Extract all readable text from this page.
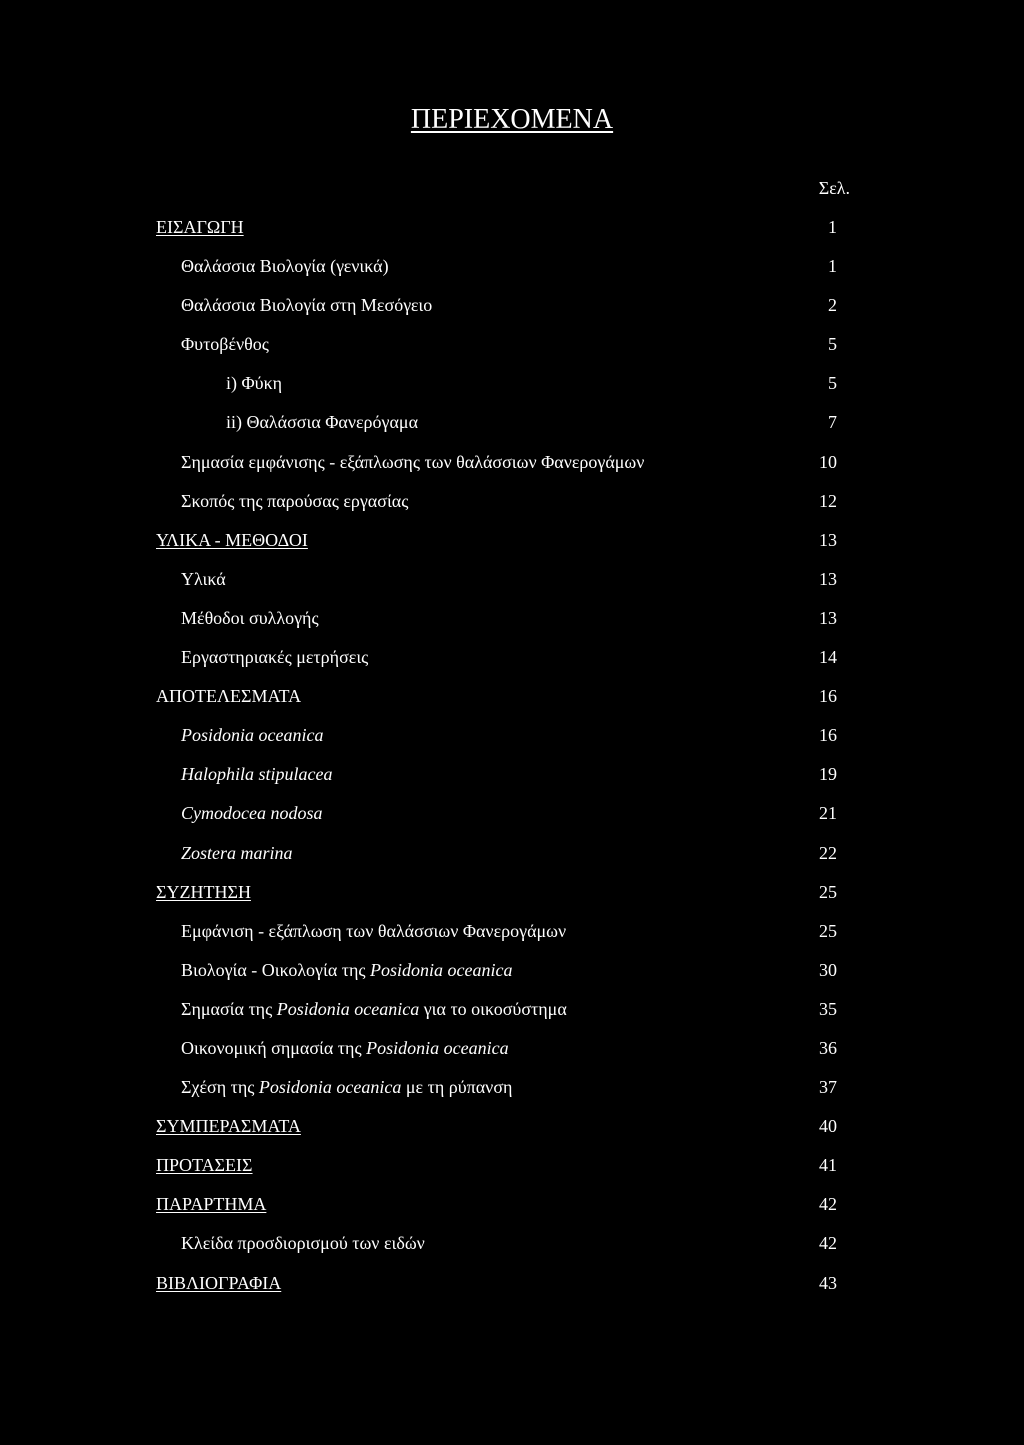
ΠΕΡΙΕΧΟΜΕΝΑ
Σελ.
ΕΙΣΑΓΩΓΗ	1
Θαλάσσια Βιολογία (γενικά)	1
Θαλάσσια Βιολογία στη Μεσόγειο	2
Φυτοβένθος	5
i) Φύκη	5
ii) Θαλάσσια Φανερόγαμα	7
Σημασία εμφάνισης - εξάπλωσης των θαλάσσιων Φανερογάμων	10
Σκοπός της παρούσας εργασίας	12
ΥΛΙΚΑ - ΜΕΘΟΔΟΙ	13
Υλικά	13
Μέθοδοι συλλογής	13
Εργαστηριακές μετρήσεις	14
ΑΠΟΤΕΛΕΣΜΑΤΑ	16
Posidonia oceanica	16
Halophila stipulacea	19
Cymodocea nodosa	21
Zostera marina	22
ΣΥΖΗΤΗΣΗ	25
Εμφάνιση - εξάπλωση των θαλάσσιων Φανερογάμων	25
Βιολογία - Οικολογία της Posidonia oceanica	30
Σημασία της Posidonia oceanica για το οικοσύστημα	35
Οικονομική σημασία της Posidonia oceanica	36
Σχέση της Posidonia oceanica με τη ρύπανση	37
ΣΥΜΠΕΡΑΣΜΑΤΑ	40
ΠΡΟΤΑΣΕΙΣ	41
ΠΑΡΑΡΤΗΜΑ	42
Κλείδα προσδιορισμού των ειδών	42
ΒΙΒΛΙΟΓΡΑΦΙΑ	43
